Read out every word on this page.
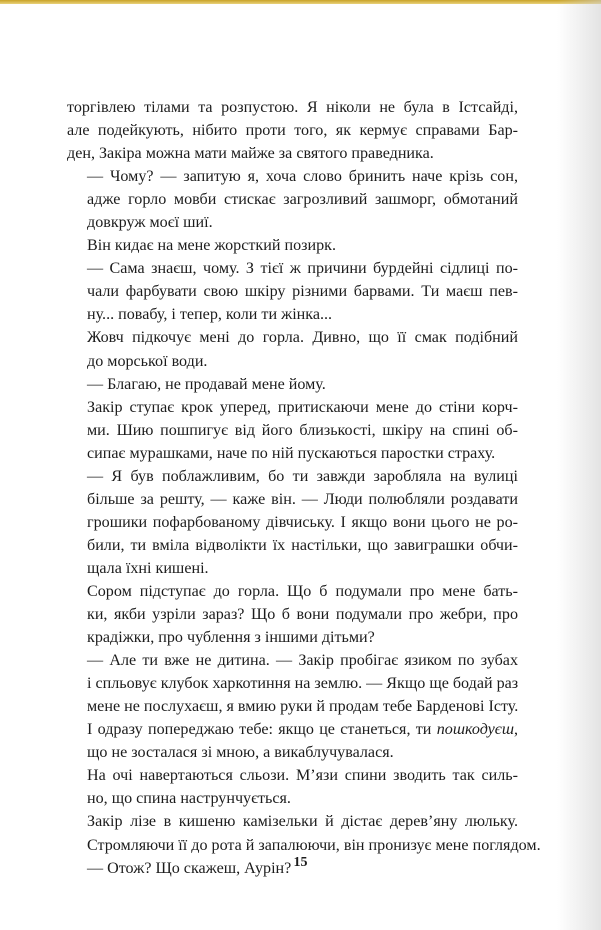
торгівлею тілами та розпустою. Я ніколи не була в Істсайді,
але подейкують, нібито проти того, як кермує справами Бар-
ден, Закіра можна мати майже за святого праведника.

— Чому? — запитую я, хоча слово бринить наче крізь сон,
адже горло мовби стискає загрозливий зашморг, обмотаний
довкруж моєї шиї.

Він кидає на мене жорсткий позирк.

— Сама знаєш, чому. З тієї ж причини бурдейні сідлиці по-
чали фарбувати свою шкіру різними барвами. Ти маєш пев-
ну... повабу, і тепер, коли ти жінка...

Жовч підкочує мені до горла. Дивно, що її смак подібний
до морської води.

— Благаю, не продавай мене йому.

Закір ступає крок уперед, притискаючи мене до стіни корч-
ми. Шию пошпигує від його близькості, шкіру на спині об-
сипає мурашками, наче по ній пускаються паростки страху.

— Я був поблажливим, бо ти завжди заробляла на вулиці
більше за решту, — каже він. — Люди полюбляли роздавати
грошики пофарбованому дівчиську. І якщо вони цього не ро-
били, ти вміла відволікти їх настільки, що завиграшки обчи-
щала їхні кишені.

Сором підступає до горла. Що б подумали про мене бать-
ки, якби узріли зараз? Що б вони подумали про жебри, про
крадіжки, про чублення з іншими дітьми?

— Але ти вже не дитина. — Закір пробігає язиком по зубах
і спльовує клубок харкотиння на землю. — Якщо ще бодай раз
мене не послухаєш, я вмию руки й продам тебе Барденові Істу.
І одразу попереджаю тебе: якщо це станеться, ти пошкодуєш,
що не зосталася зі мною, а викаблучувалася.

На очі навертаються сльози. М’язи спини зводить так силь-
но, що спина наструнчується.

Закір лізе в кишеню камізельки й дістає дерев’яну люльку.
Стромляючи її до рота й запалюючи, він пронизує мене поглядом.

— Отож? Що скажеш, Аурін? 15
